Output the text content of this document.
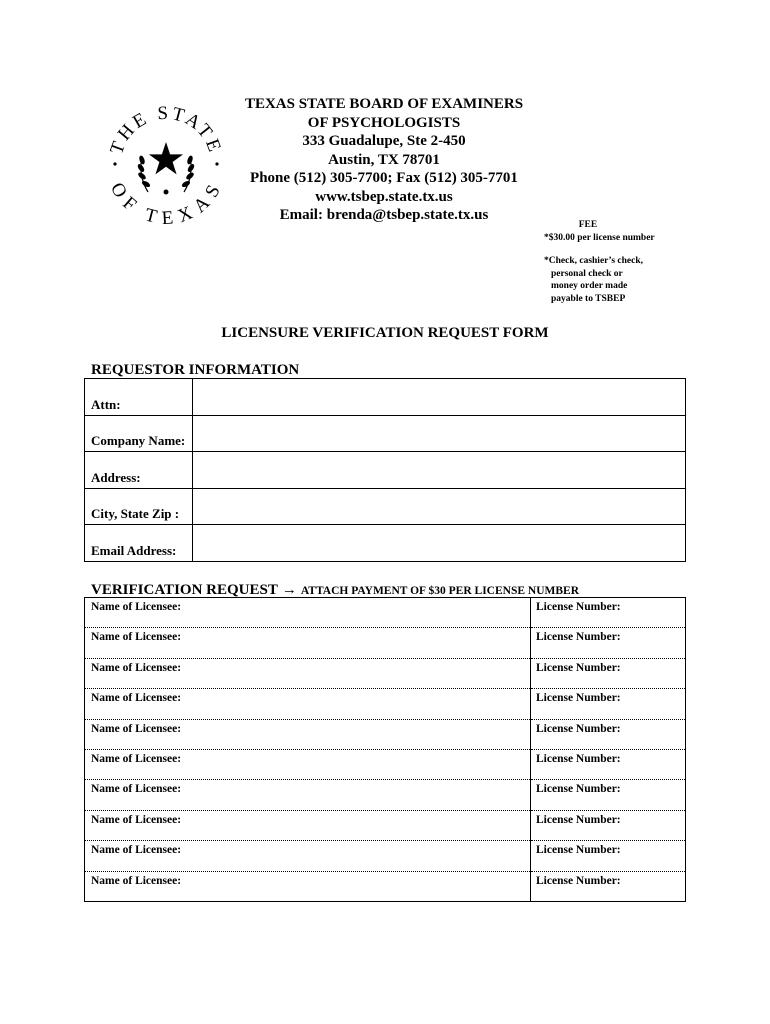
THE STATE
OF TEXAS
TEXAS STATE BOARD OF EXAMINERS
OF PSYCHOLOGISTS
333 Guadalupe, Ste 2-450
Austin, TX 78701
Phone (512) 305-7700; Fax (512) 305-7701
www.tsbep.state.tx.us
Email: brenda@tsbep.state.tx.us
FEE
*$30.00 per license number
*Check, cashier’s check,
personal check or
money order made
payable to TSBEP
LICENSURE VERIFICATION REQUEST FORM
REQUESTOR INFORMATION
Attn:	
Company Name:	
Address:	
City, State Zip :	
Email Address:	
VERIFICATION REQUEST → ATTACH PAYMENT OF $30 PER LICENSE NUMBER
Name of Licensee:	License Number:
Name of Licensee:	License Number:
Name of Licensee:	License Number:
Name of Licensee:	License Number:
Name of Licensee:	License Number:
Name of Licensee:	License Number:
Name of Licensee:	License Number:
Name of Licensee:	License Number:
Name of Licensee:	License Number:
Name of Licensee:	License Number:
